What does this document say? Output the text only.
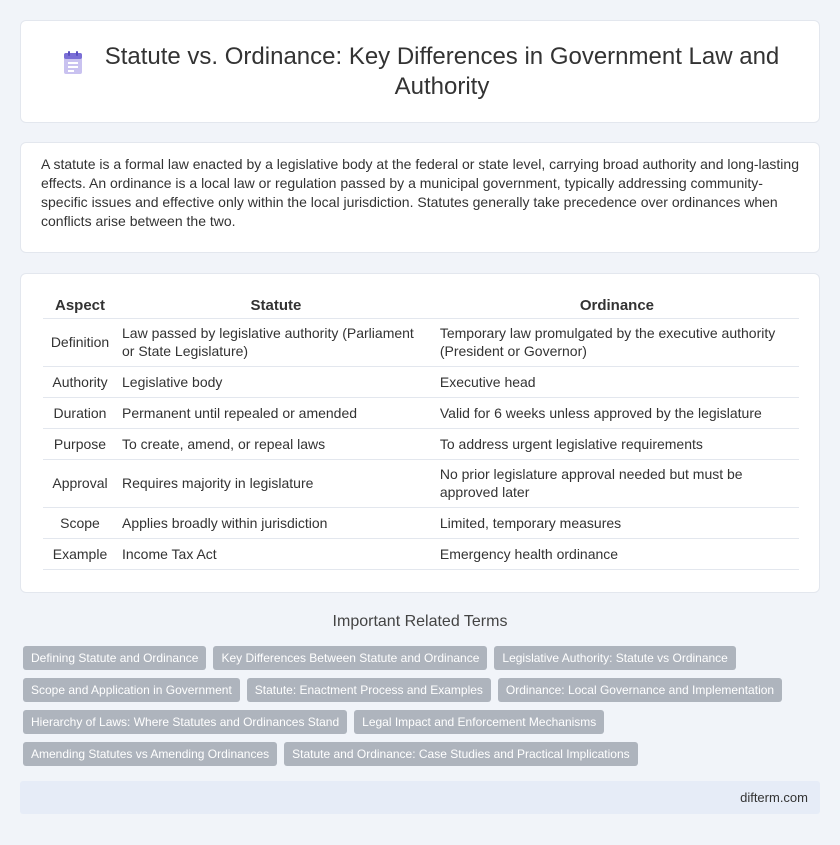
Statute vs. Ordinance: Key Differences in Government Law and Authority

A statute is a formal law enacted by a legislative body at the federal or state level, carrying broad authority and long-lasting effects. An ordinance is a local law or regulation passed by a municipal government, typically addressing community-specific issues and effective only within the local jurisdiction. Statutes generally take precedence over ordinances when conflicts arise between the two.

Aspect	Statute	Ordinance
Definition	Law passed by legislative authority (Parliament or State Legislature)	Temporary law promulgated by the executive authority (President or Governor)
Authority	Legislative body	Executive head
Duration	Permanent until repealed or amended	Valid for 6 weeks unless approved by the legislature
Purpose	To create, amend, or repeal laws	To address urgent legislative requirements
Approval	Requires majority in legislature	No prior legislature approval needed but must be approved later
Scope	Applies broadly within jurisdiction	Limited, temporary measures
Example	Income Tax Act	Emergency health ordinance
Important Related Terms
Defining Statute and Ordinance	Key Differences Between Statute and Ordinance	Legislative Authority: Statute vs Ordinance
Scope and Application in Government	Statute: Enactment Process and Examples	Ordinance: Local Governance and Implementation
Hierarchy of Laws: Where Statutes and Ordinances Stand	Legal Impact and Enforcement Mechanisms
Amending Statutes vs Amending Ordinances	Statute and Ordinance: Case Studies and Practical Implications
difterm.com
